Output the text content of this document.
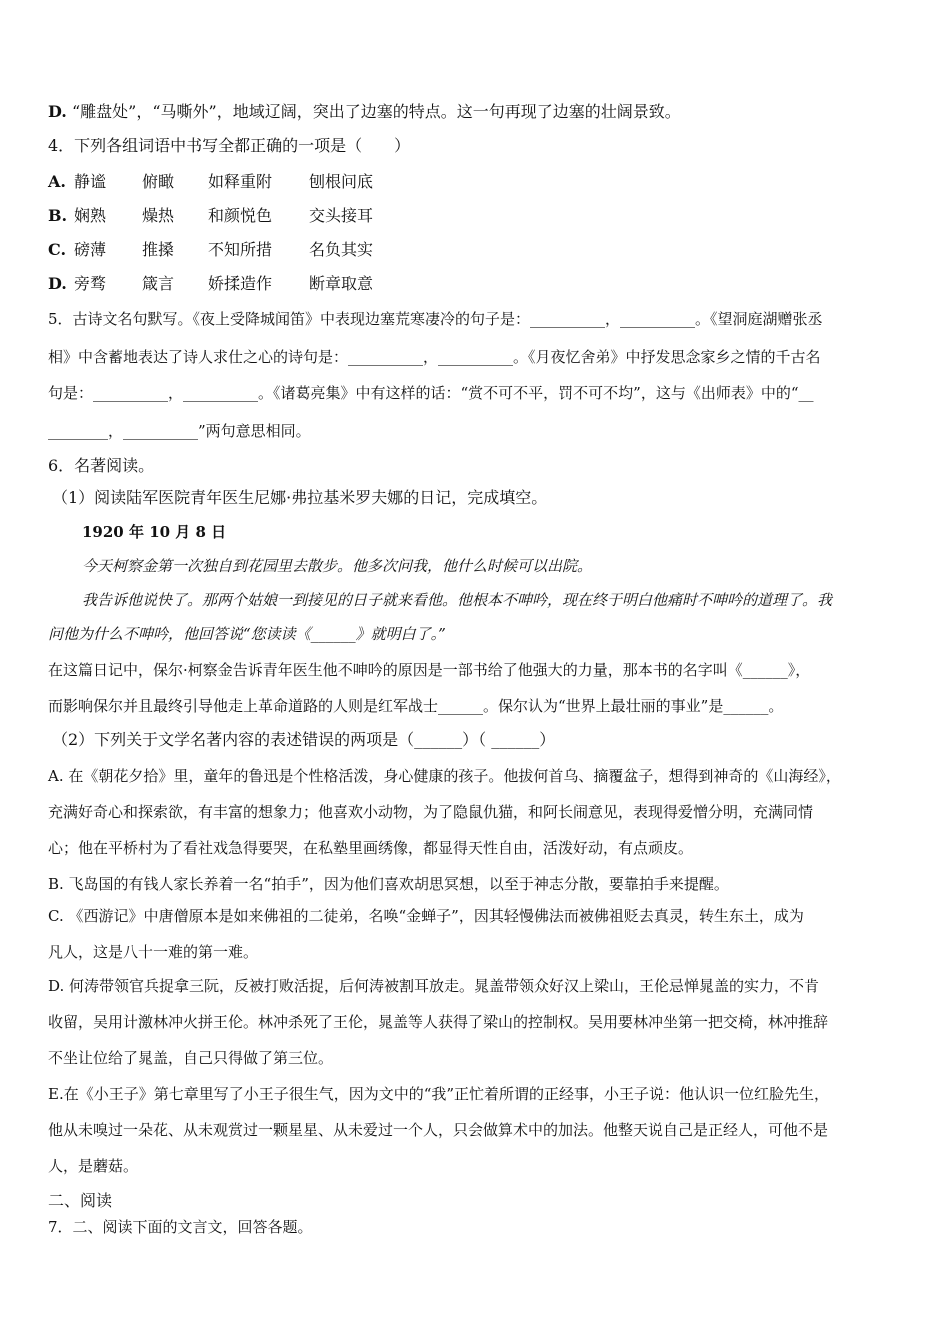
D. “雕盘处”，“马嘶外”，地域辽阔，突出了边塞的特点。这一句再现了边塞的壮阔景致。
4．下列各组词语中书写全都正确的一项是（　　）
A. 静谧 俯瞰 如释重附 刨根问底
B. 娴熟 燥热 和颜悦色 交头接耳
C. 磅薄 推搡 不知所措 名负其实
D. 旁骛 箴言 娇揉造作 断章取意
5．古诗文名句默写。《夜上受降城闻笛》中表现边塞荒寒凄冷的句子是：__________，__________。《望洞庭湖赠张丞
相》中含蓄地表达了诗人求仕之心的诗句是：__________，__________。《月夜忆舍弟》中抒发思念家乡之情的千古名
句是：__________，__________。《诸葛亮集》中有这样的话：“赏不可不平，罚不可不均”，这与《出师表》中的“__
________，__________”两句意思相同。
6．名著阅读。
（1）阅读陆军医院青年医生尼娜·弗拉基米罗夫娜的日记，完成填空。
1920 年 10 月 8 日
今天柯察金第一次独自到花园里去散步。他多次问我，他什么时候可以出院。
我告诉他说快了。那两个姑娘一到接见的日子就来看他。他根本不呻吟，现在终于明白他痛时不呻吟的道理了。我
问他为什么不呻吟，他回答说“您读读《______》就明白了。”
在这篇日记中，保尔·柯察金告诉青年医生他不呻吟的原因是一部书给了他强大的力量，那本书的名字叫《______》，
而影响保尔并且最终引导他走上革命道路的人则是红军战士______。保尔认为“世界上最壮丽的事业”是______。
（2）下列关于文学名著内容的表述错误的两项是（______）（ ______）
A. 在《朝花夕拾》里，童年的鲁迅是个性格活泼，身心健康的孩子。他拔何首乌、摘覆盆子，想得到神奇的《山海经》，
充满好奇心和探索欲，有丰富的想象力；他喜欢小动物，为了隐鼠仇猫，和阿长闹意见，表现得爱憎分明，充满同情
心；他在平桥村为了看社戏急得要哭，在私塾里画绣像，都显得天性自由，活泼好动，有点顽皮。
B. 飞岛国的有钱人家长养着一名“拍手”，因为他们喜欢胡思冥想，以至于神志分散，要靠拍手来提醒。
C. 《西游记》中唐僧原本是如来佛祖的二徒弟，名唤“金蝉子”，因其轻慢佛法而被佛祖贬去真灵，转生东土，成为
凡人，这是八十一难的第一难。
D. 何涛带领官兵捉拿三阮，反被打败活捉，后何涛被割耳放走。晁盖带领众好汉上梁山，王伦忌惮晁盖的实力，不肯
收留，吴用计激林冲火拼王伦。林冲杀死了王伦，晁盖等人获得了梁山的控制权。吴用要林冲坐第一把交椅，林冲推辞
不坐让位给了晁盖，自己只得做了第三位。
E.在《小王子》第七章里写了小王子很生气，因为文中的“我”正忙着所谓的正经事，小王子说：他认识一位红脸先生，
他从未嗅过一朵花、从未观赏过一颗星星、从未爱过一个人，只会做算术中的加法。他整天说自己是正经人，可他不是
人，是蘑菇。
二、阅读
7．二、阅读下面的文言文，回答各题。
